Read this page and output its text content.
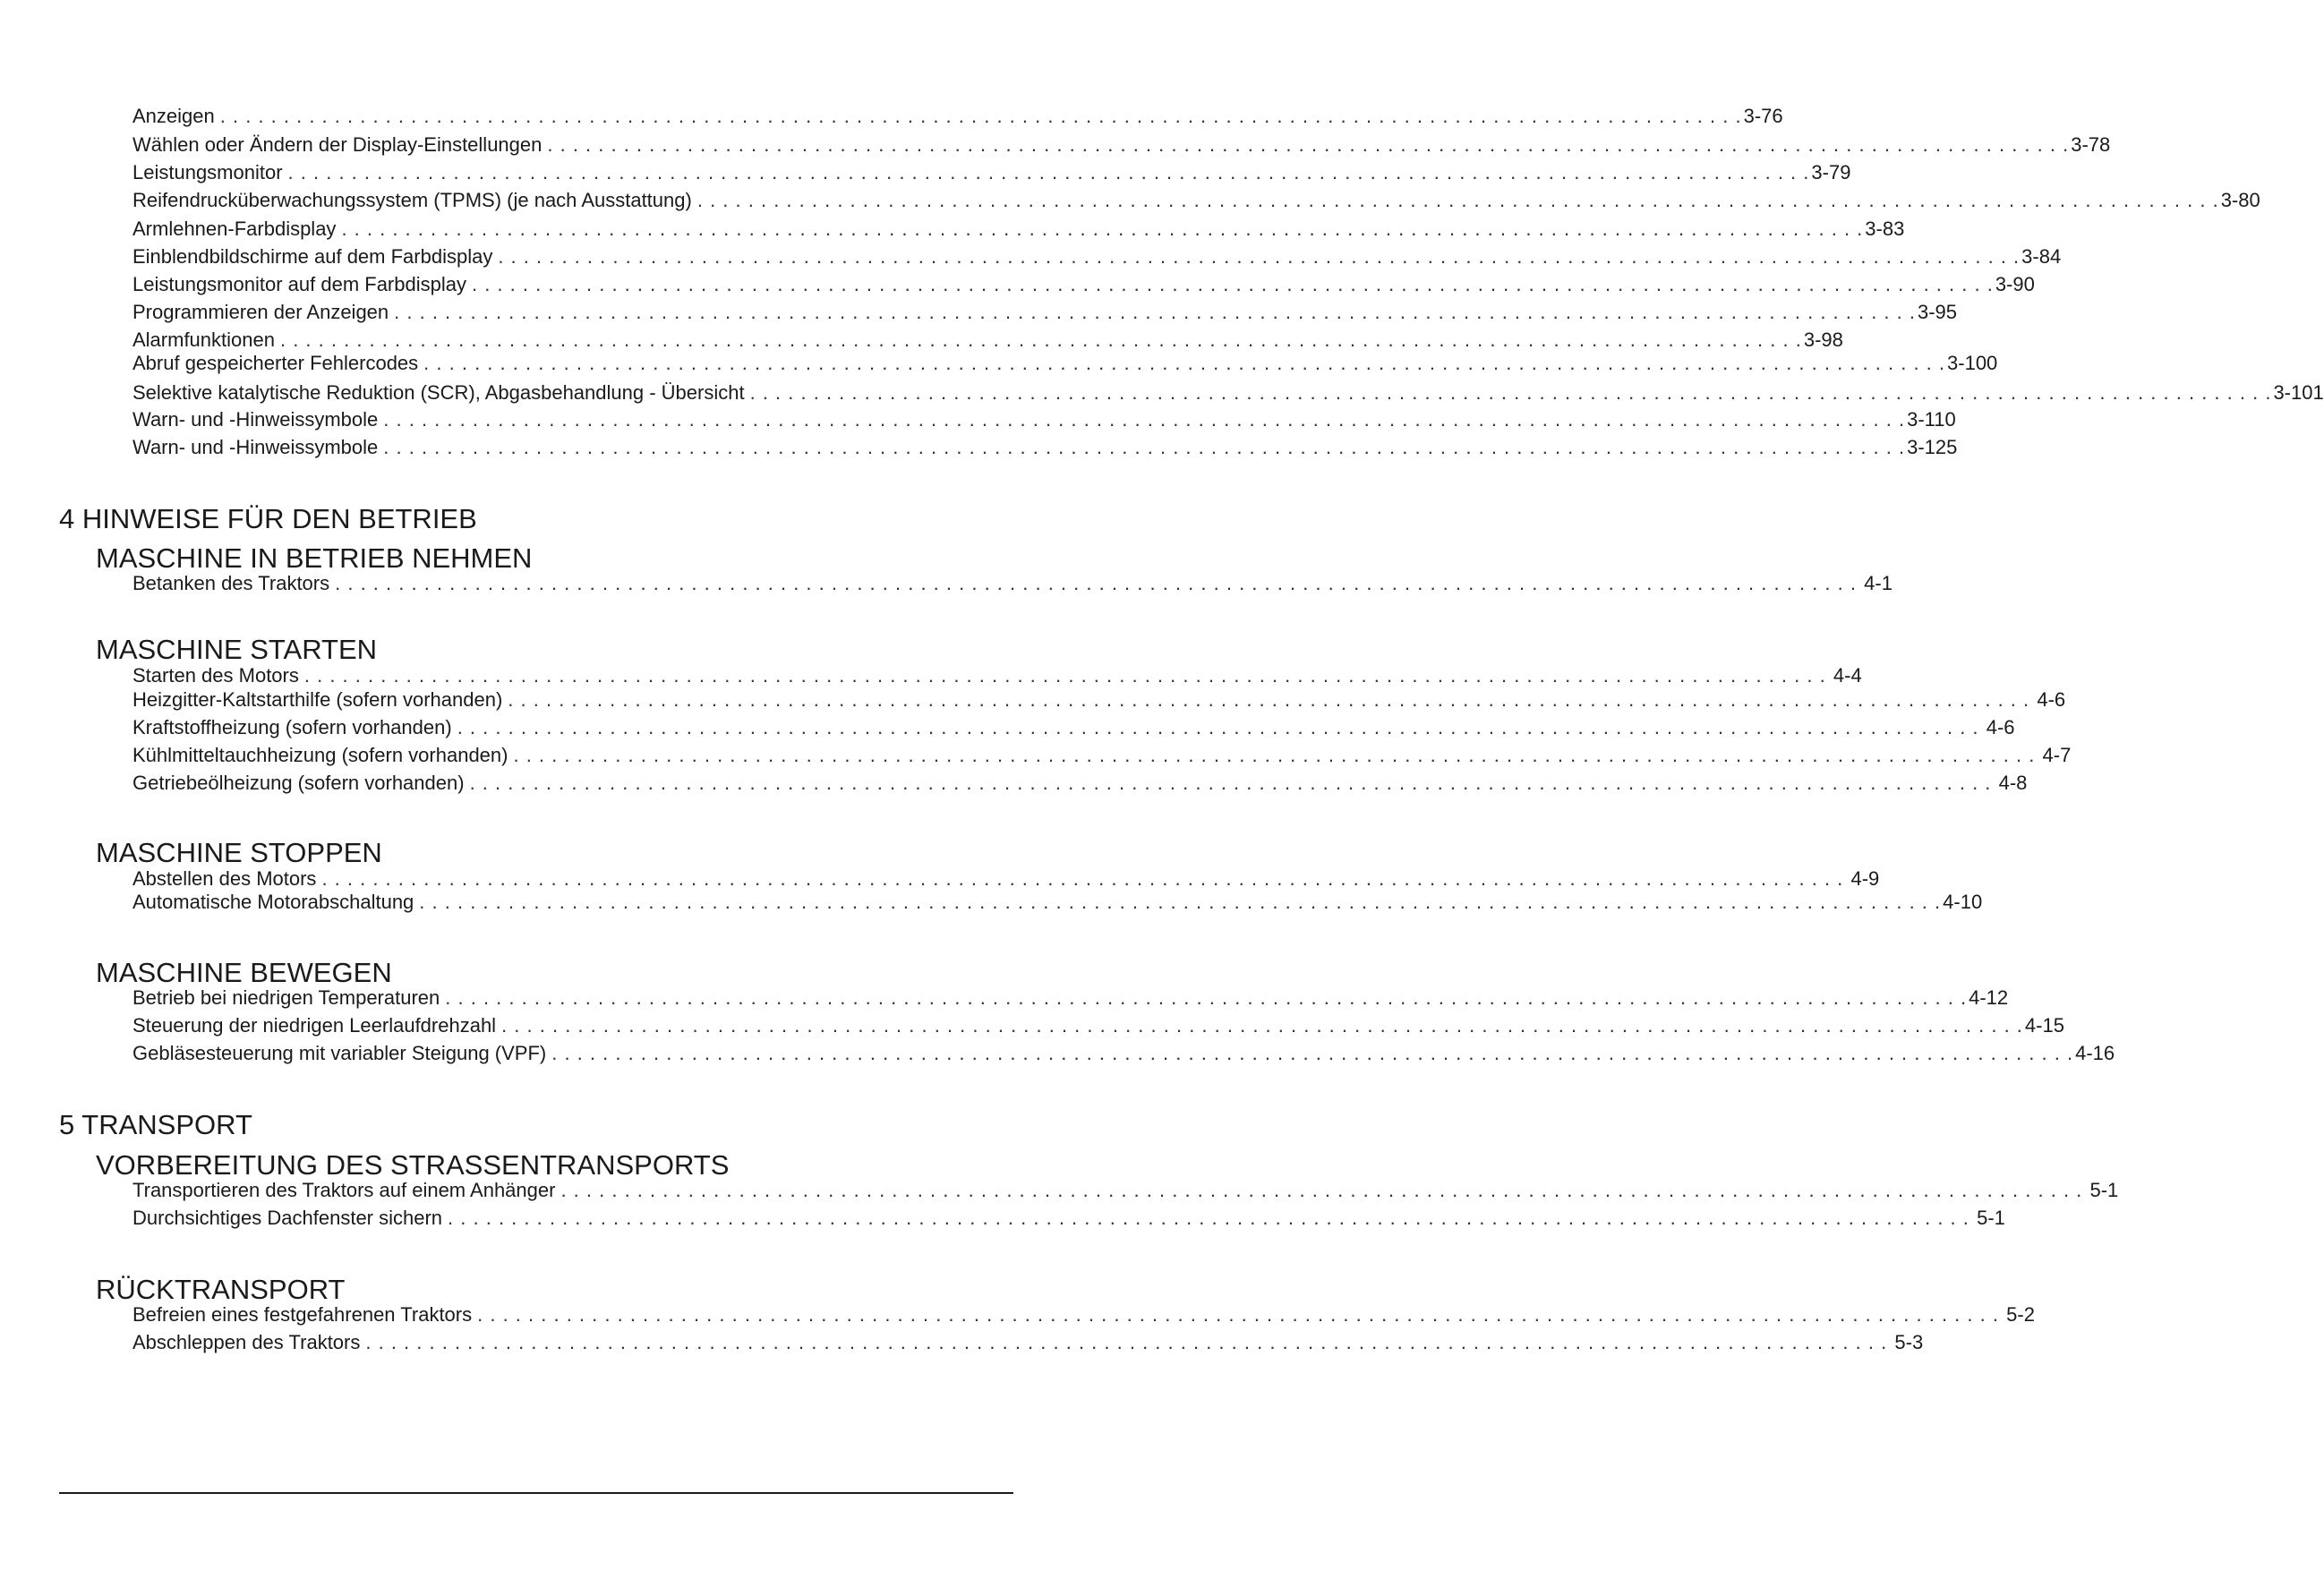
Anzeigen . . . . . . . . . . . . . . . . . . . . . . . . . . . . . . . . . . . . . . . . . . . . . . . . . . . . . . . . . . . . . . . . . . . . . . . . . . . . . . . . . . . . . . . . . . . . . . . . . . . . . . . . . . . . . . . . . . . . . . . . 3-76
Wählen oder Ändern der Display-Einstellungen . . . . . . . . . . . . . . . . . . . . . . . . . . . . . . . . . . . . . . . . . . . . . . . . . . . . . . . . . . . . . . . . . . . . . . . . . . . . . . . . . . . . . . . . . . . . . . . . . . . . . . . . . . . . . . . . . . . . . . . . 3-78
Leistungsmonitor . . . . . . . . . . . . . . . . . . . . . . . . . . . . . . . . . . . . . . . . . . . . . . . . . . . . . . . . . . . . . . . . . . . . . . . . . . . . . . . . . . . . . . . . . . . . . . . . . . . . . . . . . . . . . . . . . . . . . . . . 3-79
Reifendrucküberwachungssystem (TPMS) (je nach Ausstattung) . . . . . . . . . . . . . . . . . . . . . . . . . . . . . . . . . . . . . . . . . . . . . . . . . . . . . . . . . . . . . . . . . . . . . . . . . . . . . . . . . . . . . . . . . . . . . . . . . . . . . . . . . . . . . . . . . . . . . . . . 3-80
Armlehnen-Farbdisplay . . . . . . . . . . . . . . . . . . . . . . . . . . . . . . . . . . . . . . . . . . . . . . . . . . . . . . . . . . . . . . . . . . . . . . . . . . . . . . . . . . . . . . . . . . . . . . . . . . . . . . . . . . . . . . . . . . . . . . . . 3-83
Einblendbildschirme auf dem Farbdisplay . . . . . . . . . . . . . . . . . . . . . . . . . . . . . . . . . . . . . . . . . . . . . . . . . . . . . . . . . . . . . . . . . . . . . . . . . . . . . . . . . . . . . . . . . . . . . . . . . . . . . . . . . . . . . . . . . . . . . . . . 3-84
Leistungsmonitor auf dem Farbdisplay . . . . . . . . . . . . . . . . . . . . . . . . . . . . . . . . . . . . . . . . . . . . . . . . . . . . . . . . . . . . . . . . . . . . . . . . . . . . . . . . . . . . . . . . . . . . . . . . . . . . . . . . . . . . . . . . . . . . . . . . 3-90
Programmieren der Anzeigen . . . . . . . . . . . . . . . . . . . . . . . . . . . . . . . . . . . . . . . . . . . . . . . . . . . . . . . . . . . . . . . . . . . . . . . . . . . . . . . . . . . . . . . . . . . . . . . . . . . . . . . . . . . . . . . . . . . . . . . . 3-95
Alarmfunktionen . . . . . . . . . . . . . . . . . . . . . . . . . . . . . . . . . . . . . . . . . . . . . . . . . . . . . . . . . . . . . . . . . . . . . . . . . . . . . . . . . . . . . . . . . . . . . . . . . . . . . . . . . . . . . . . . . . . . . . . . 3-98
Abruf gespeicherter Fehlercodes . . . . . . . . . . . . . . . . . . . . . . . . . . . . . . . . . . . . . . . . . . . . . . . . . . . . . . . . . . . . . . . . . . . . . . . . . . . . . . . . . . . . . . . . . . . . . . . . . . . . . . . . . . . . . . . . . . . . . . . . 3-100
Selektive katalytische Reduktion (SCR), Abgasbehandlung - Übersicht . . . . . . . . . . . . . . . . . . . . . . . . . . . . . . . . . . . . . . . . . . . . . . . . . . . . . . . . . . . . . . . . . . . . . . . . . . . . . . . . . . . . . . . . . . . . . . . . . . . . . . . . . . . . . . . . . . . . . . . . 3-101
Warn- und -Hinweissymbole . . . . . . . . . . . . . . . . . . . . . . . . . . . . . . . . . . . . . . . . . . . . . . . . . . . . . . . . . . . . . . . . . . . . . . . . . . . . . . . . . . . . . . . . . . . . . . . . . . . . . . . . . . . . . . . . . . . . . . . . 3-110
Warn- und -Hinweissymbole . . . . . . . . . . . . . . . . . . . . . . . . . . . . . . . . . . . . . . . . . . . . . . . . . . . . . . . . . . . . . . . . . . . . . . . . . . . . . . . . . . . . . . . . . . . . . . . . . . . . . . . . . . . . . . . . . . . . . . . . 3-125
4 HINWEISE FÜR DEN BETRIEB
MASCHINE IN BETRIEB NEHMEN
Betanken des Traktors . . . . . . . . . . . . . . . . . . . . . . . . . . . . . . . . . . . . . . . . . . . . . . . . . . . . . . . . . . . . . . . . . . . . . . . . . . . . . . . . . . . . . . . . . . . . . . . . . . . . . . . . . . . . . . . . . . . . . . . . 4-1
MASCHINE STARTEN
Starten des Motors . . . . . . . . . . . . . . . . . . . . . . . . . . . . . . . . . . . . . . . . . . . . . . . . . . . . . . . . . . . . . . . . . . . . . . . . . . . . . . . . . . . . . . . . . . . . . . . . . . . . . . . . . . . . . . . . . . . . . . . . 4-4
Heizgitter-Kaltstarthilfe (sofern vorhanden) . . . . . . . . . . . . . . . . . . . . . . . . . . . . . . . . . . . . . . . . . . . . . . . . . . . . . . . . . . . . . . . . . . . . . . . . . . . . . . . . . . . . . . . . . . . . . . . . . . . . . . . . . . . . . . . . . . . . . . . . 4-6
Kraftstoffheizung (sofern vorhanden) . . . . . . . . . . . . . . . . . . . . . . . . . . . . . . . . . . . . . . . . . . . . . . . . . . . . . . . . . . . . . . . . . . . . . . . . . . . . . . . . . . . . . . . . . . . . . . . . . . . . . . . . . . . . . . . . . . . . . . . . 4-6
Kühlmitteltauchheizung (sofern vorhanden) . . . . . . . . . . . . . . . . . . . . . . . . . . . . . . . . . . . . . . . . . . . . . . . . . . . . . . . . . . . . . . . . . . . . . . . . . . . . . . . . . . . . . . . . . . . . . . . . . . . . . . . . . . . . . . . . . . . . . . . . 4-7
Getriebeölheizung (sofern vorhanden) . . . . . . . . . . . . . . . . . . . . . . . . . . . . . . . . . . . . . . . . . . . . . . . . . . . . . . . . . . . . . . . . . . . . . . . . . . . . . . . . . . . . . . . . . . . . . . . . . . . . . . . . . . . . . . . . . . . . . . . . 4-8
MASCHINE STOPPEN
Abstellen des Motors . . . . . . . . . . . . . . . . . . . . . . . . . . . . . . . . . . . . . . . . . . . . . . . . . . . . . . . . . . . . . . . . . . . . . . . . . . . . . . . . . . . . . . . . . . . . . . . . . . . . . . . . . . . . . . . . . . . . . . . . 4-9
Automatische Motorabschaltung . . . . . . . . . . . . . . . . . . . . . . . . . . . . . . . . . . . . . . . . . . . . . . . . . . . . . . . . . . . . . . . . . . . . . . . . . . . . . . . . . . . . . . . . . . . . . . . . . . . . . . . . . . . . . . . . . . . . . . . . 4-10
MASCHINE BEWEGEN
Betrieb bei niedrigen Temperaturen . . . . . . . . . . . . . . . . . . . . . . . . . . . . . . . . . . . . . . . . . . . . . . . . . . . . . . . . . . . . . . . . . . . . . . . . . . . . . . . . . . . . . . . . . . . . . . . . . . . . . . . . . . . . . . . . . . . . . . . . 4-12
Steuerung der niedrigen Leerlaufdrehzahl . . . . . . . . . . . . . . . . . . . . . . . . . . . . . . . . . . . . . . . . . . . . . . . . . . . . . . . . . . . . . . . . . . . . . . . . . . . . . . . . . . . . . . . . . . . . . . . . . . . . . . . . . . . . . . . . . . . . . . . . 4-15
Gebläsesteuerung mit variabler Steigung (VPF) . . . . . . . . . . . . . . . . . . . . . . . . . . . . . . . . . . . . . . . . . . . . . . . . . . . . . . . . . . . . . . . . . . . . . . . . . . . . . . . . . . . . . . . . . . . . . . . . . . . . . . . . . . . . . . . . . . . . . . . . 4-16
5 TRANSPORT
VORBEREITUNG DES STRASSENTRANSPORTS
Transportieren des Traktors auf einem Anhänger . . . . . . . . . . . . . . . . . . . . . . . . . . . . . . . . . . . . . . . . . . . . . . . . . . . . . . . . . . . . . . . . . . . . . . . . . . . . . . . . . . . . . . . . . . . . . . . . . . . . . . . . . . . . . . . . . . . . . . . . 5-1
Durchsichtiges Dachfenster sichern . . . . . . . . . . . . . . . . . . . . . . . . . . . . . . . . . . . . . . . . . . . . . . . . . . . . . . . . . . . . . . . . . . . . . . . . . . . . . . . . . . . . . . . . . . . . . . . . . . . . . . . . . . . . . . . . . . . . . . . . 5-1
RÜCKTRANSPORT
Befreien eines festgefahrenen Traktors . . . . . . . . . . . . . . . . . . . . . . . . . . . . . . . . . . . . . . . . . . . . . . . . . . . . . . . . . . . . . . . . . . . . . . . . . . . . . . . . . . . . . . . . . . . . . . . . . . . . . . . . . . . . . . . . . . . . . . . . 5-2
Abschleppen des Traktors . . . . . . . . . . . . . . . . . . . . . . . . . . . . . . . . . . . . . . . . . . . . . . . . . . . . . . . . . . . . . . . . . . . . . . . . . . . . . . . . . . . . . . . . . . . . . . . . . . . . . . . . . . . . . . . . . . . . . . . . 5-3
